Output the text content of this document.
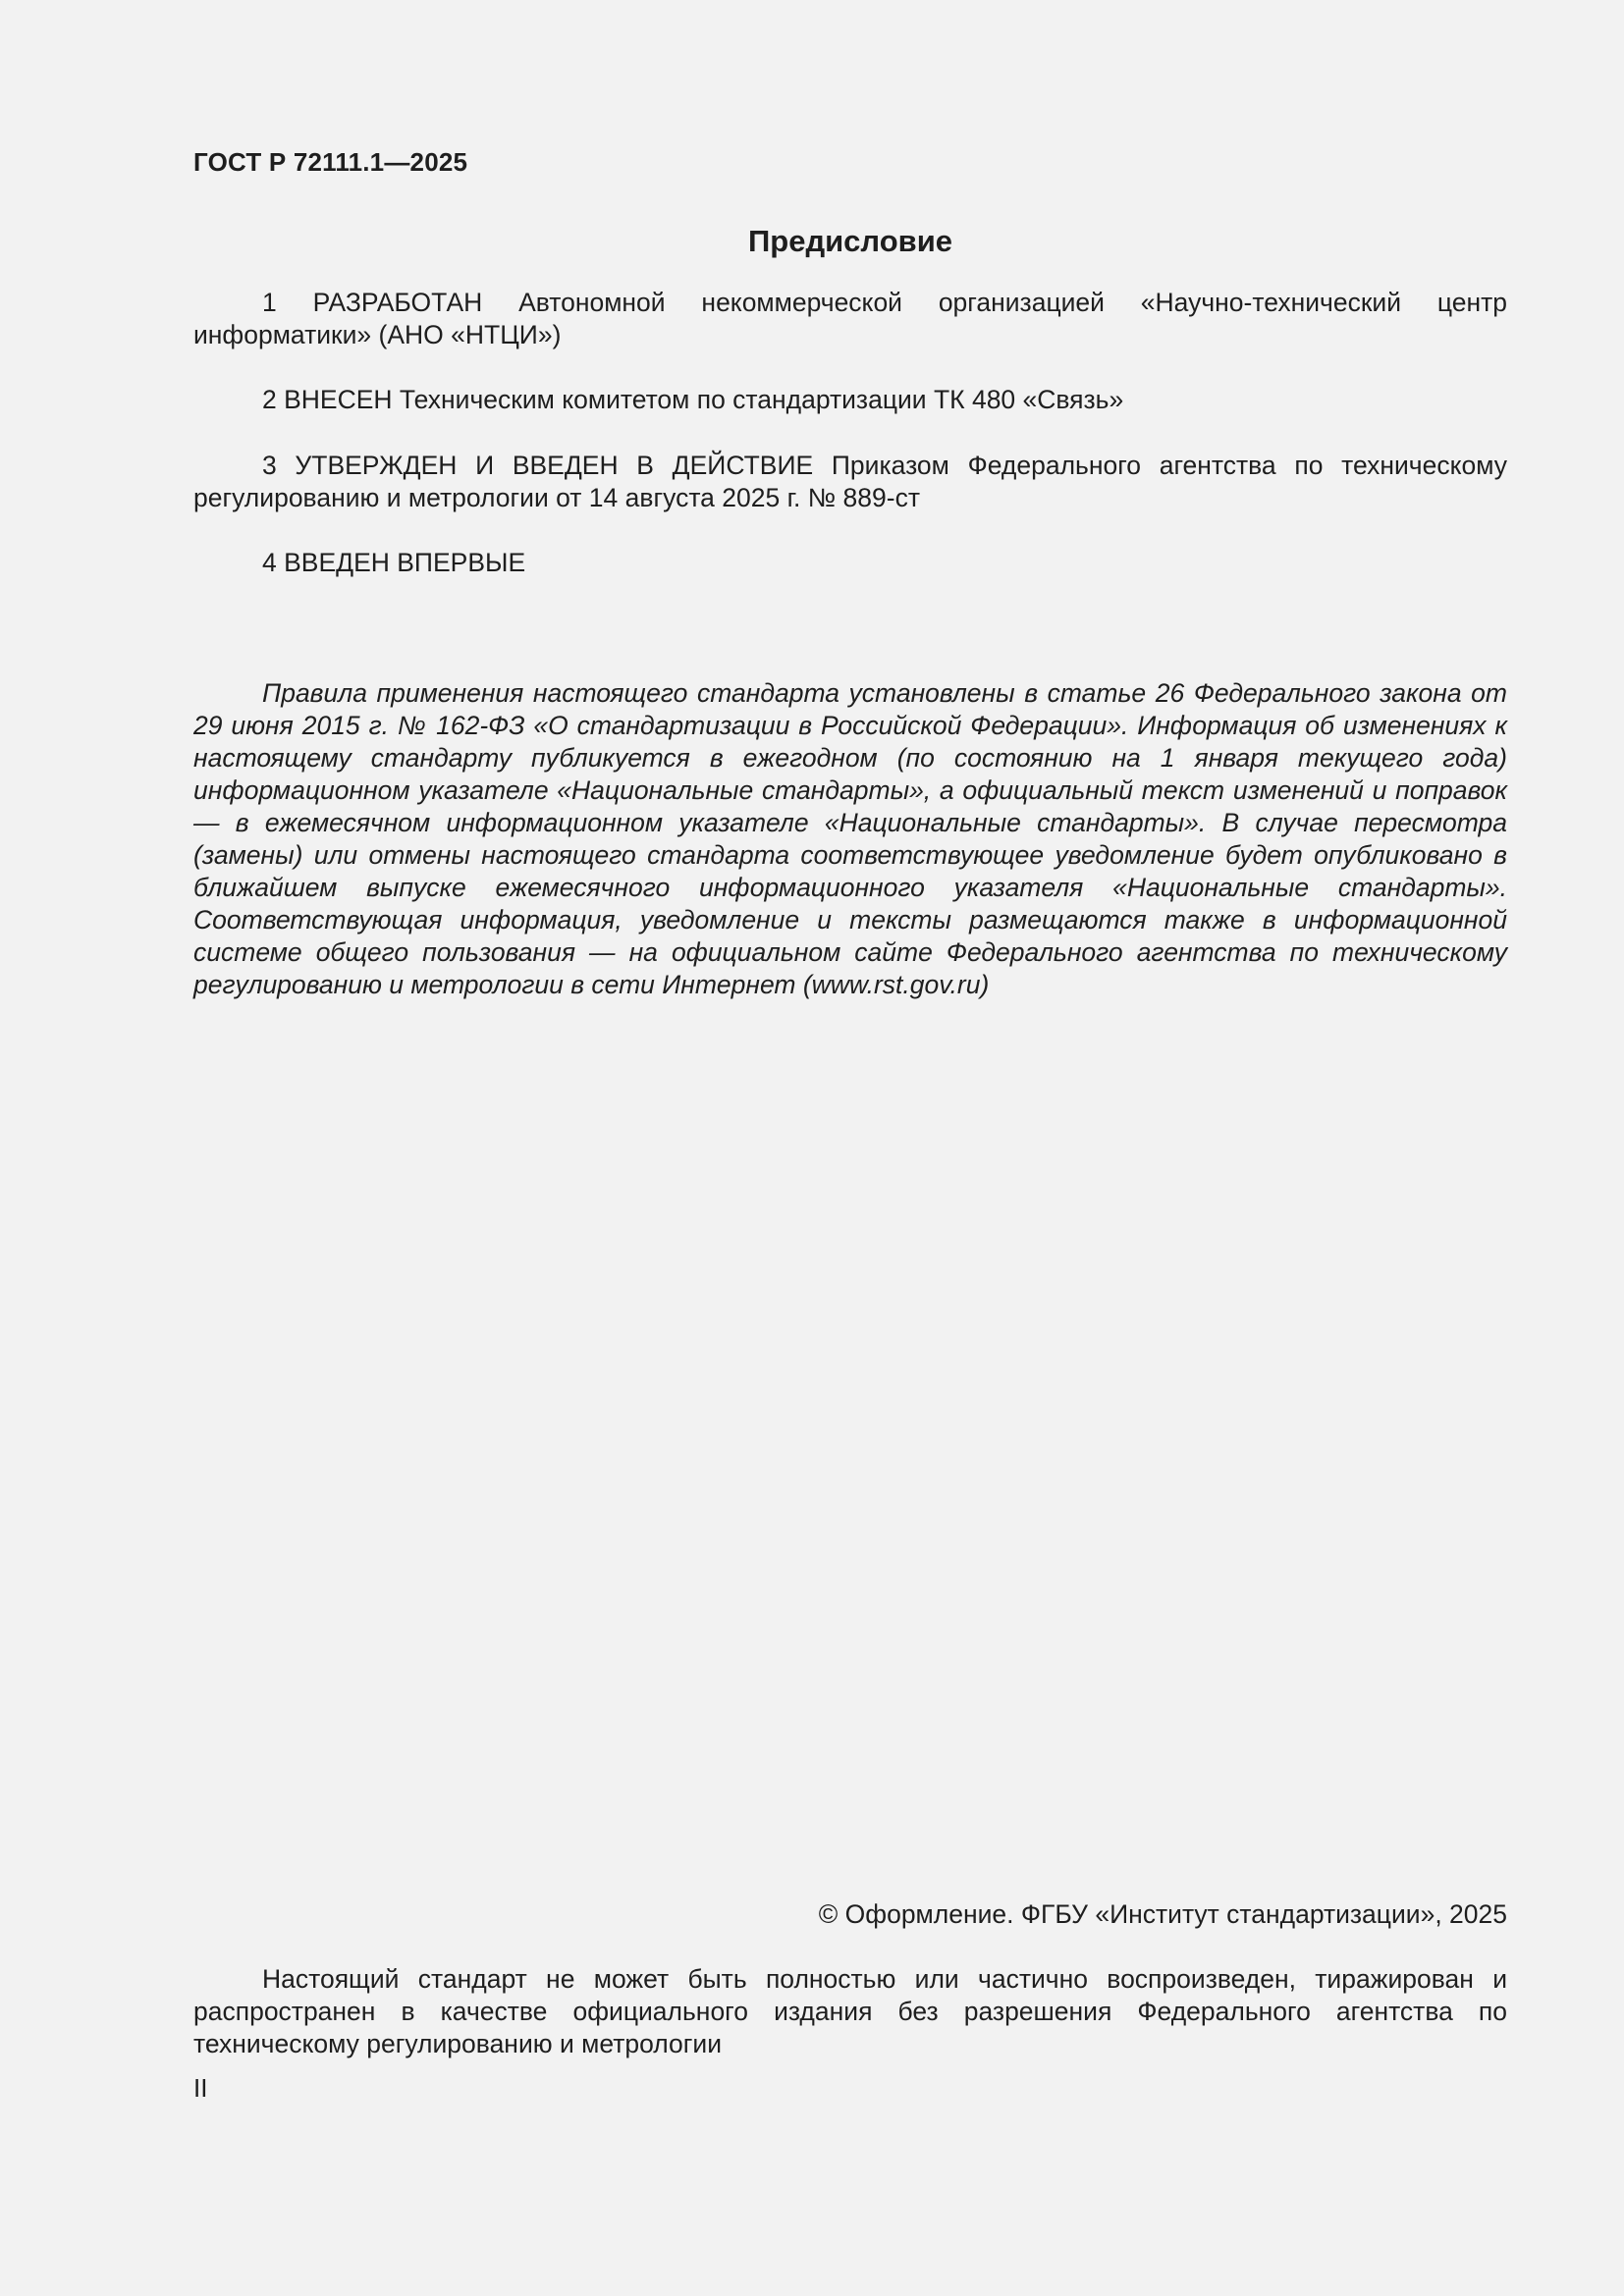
ГОСТ Р 72111.1—2025
Предисловие

1 РАЗРАБОТАН Автономной некоммерческой организацией «Научно-технический центр информатики» (АНО «НТЦИ»)

2 ВНЕСЕН Техническим комитетом по стандартизации ТК 480 «Связь»

3 УТВЕРЖДЕН И ВВЕДЕН В ДЕЙСТВИЕ Приказом Федерального агентства по техническому регулированию и метрологии от 14 августа 2025 г. № 889-ст

4 ВВЕДЕН ВПЕРВЫЕ

Правила применения настоящего стандарта установлены в статье 26 Федерального закона от 29 июня 2015 г. № 162-ФЗ «О стандартизации в Российской Федерации». Информация об изменениях к настоящему стандарту публикуется в ежегодном (по состоянию на 1 января текущего года) информационном указателе «Национальные стандарты», а официальный текст изменений и поправок — в ежемесячном информационном указателе «Национальные стандарты». В случае пересмотра (замены) или отмены настоящего стандарта соответствующее уведомление будет опубликовано в ближайшем выпуске ежемесячного информационного указателя «Национальные стандарты». Соответствующая информация, уведомление и тексты размещаются также в информационной системе общего пользования — на официальном сайте Федерального агентства по техническому регулированию и метрологии в сети Интернет (www.rst.gov.ru)

© Оформление. ФГБУ «Институт стандартизации», 2025

Настоящий стандарт не может быть полностью или частично воспроизведен, тиражирован и распространен в качестве официального издания без разрешения Федерального агентства по техническому регулированию и метрологии

II
